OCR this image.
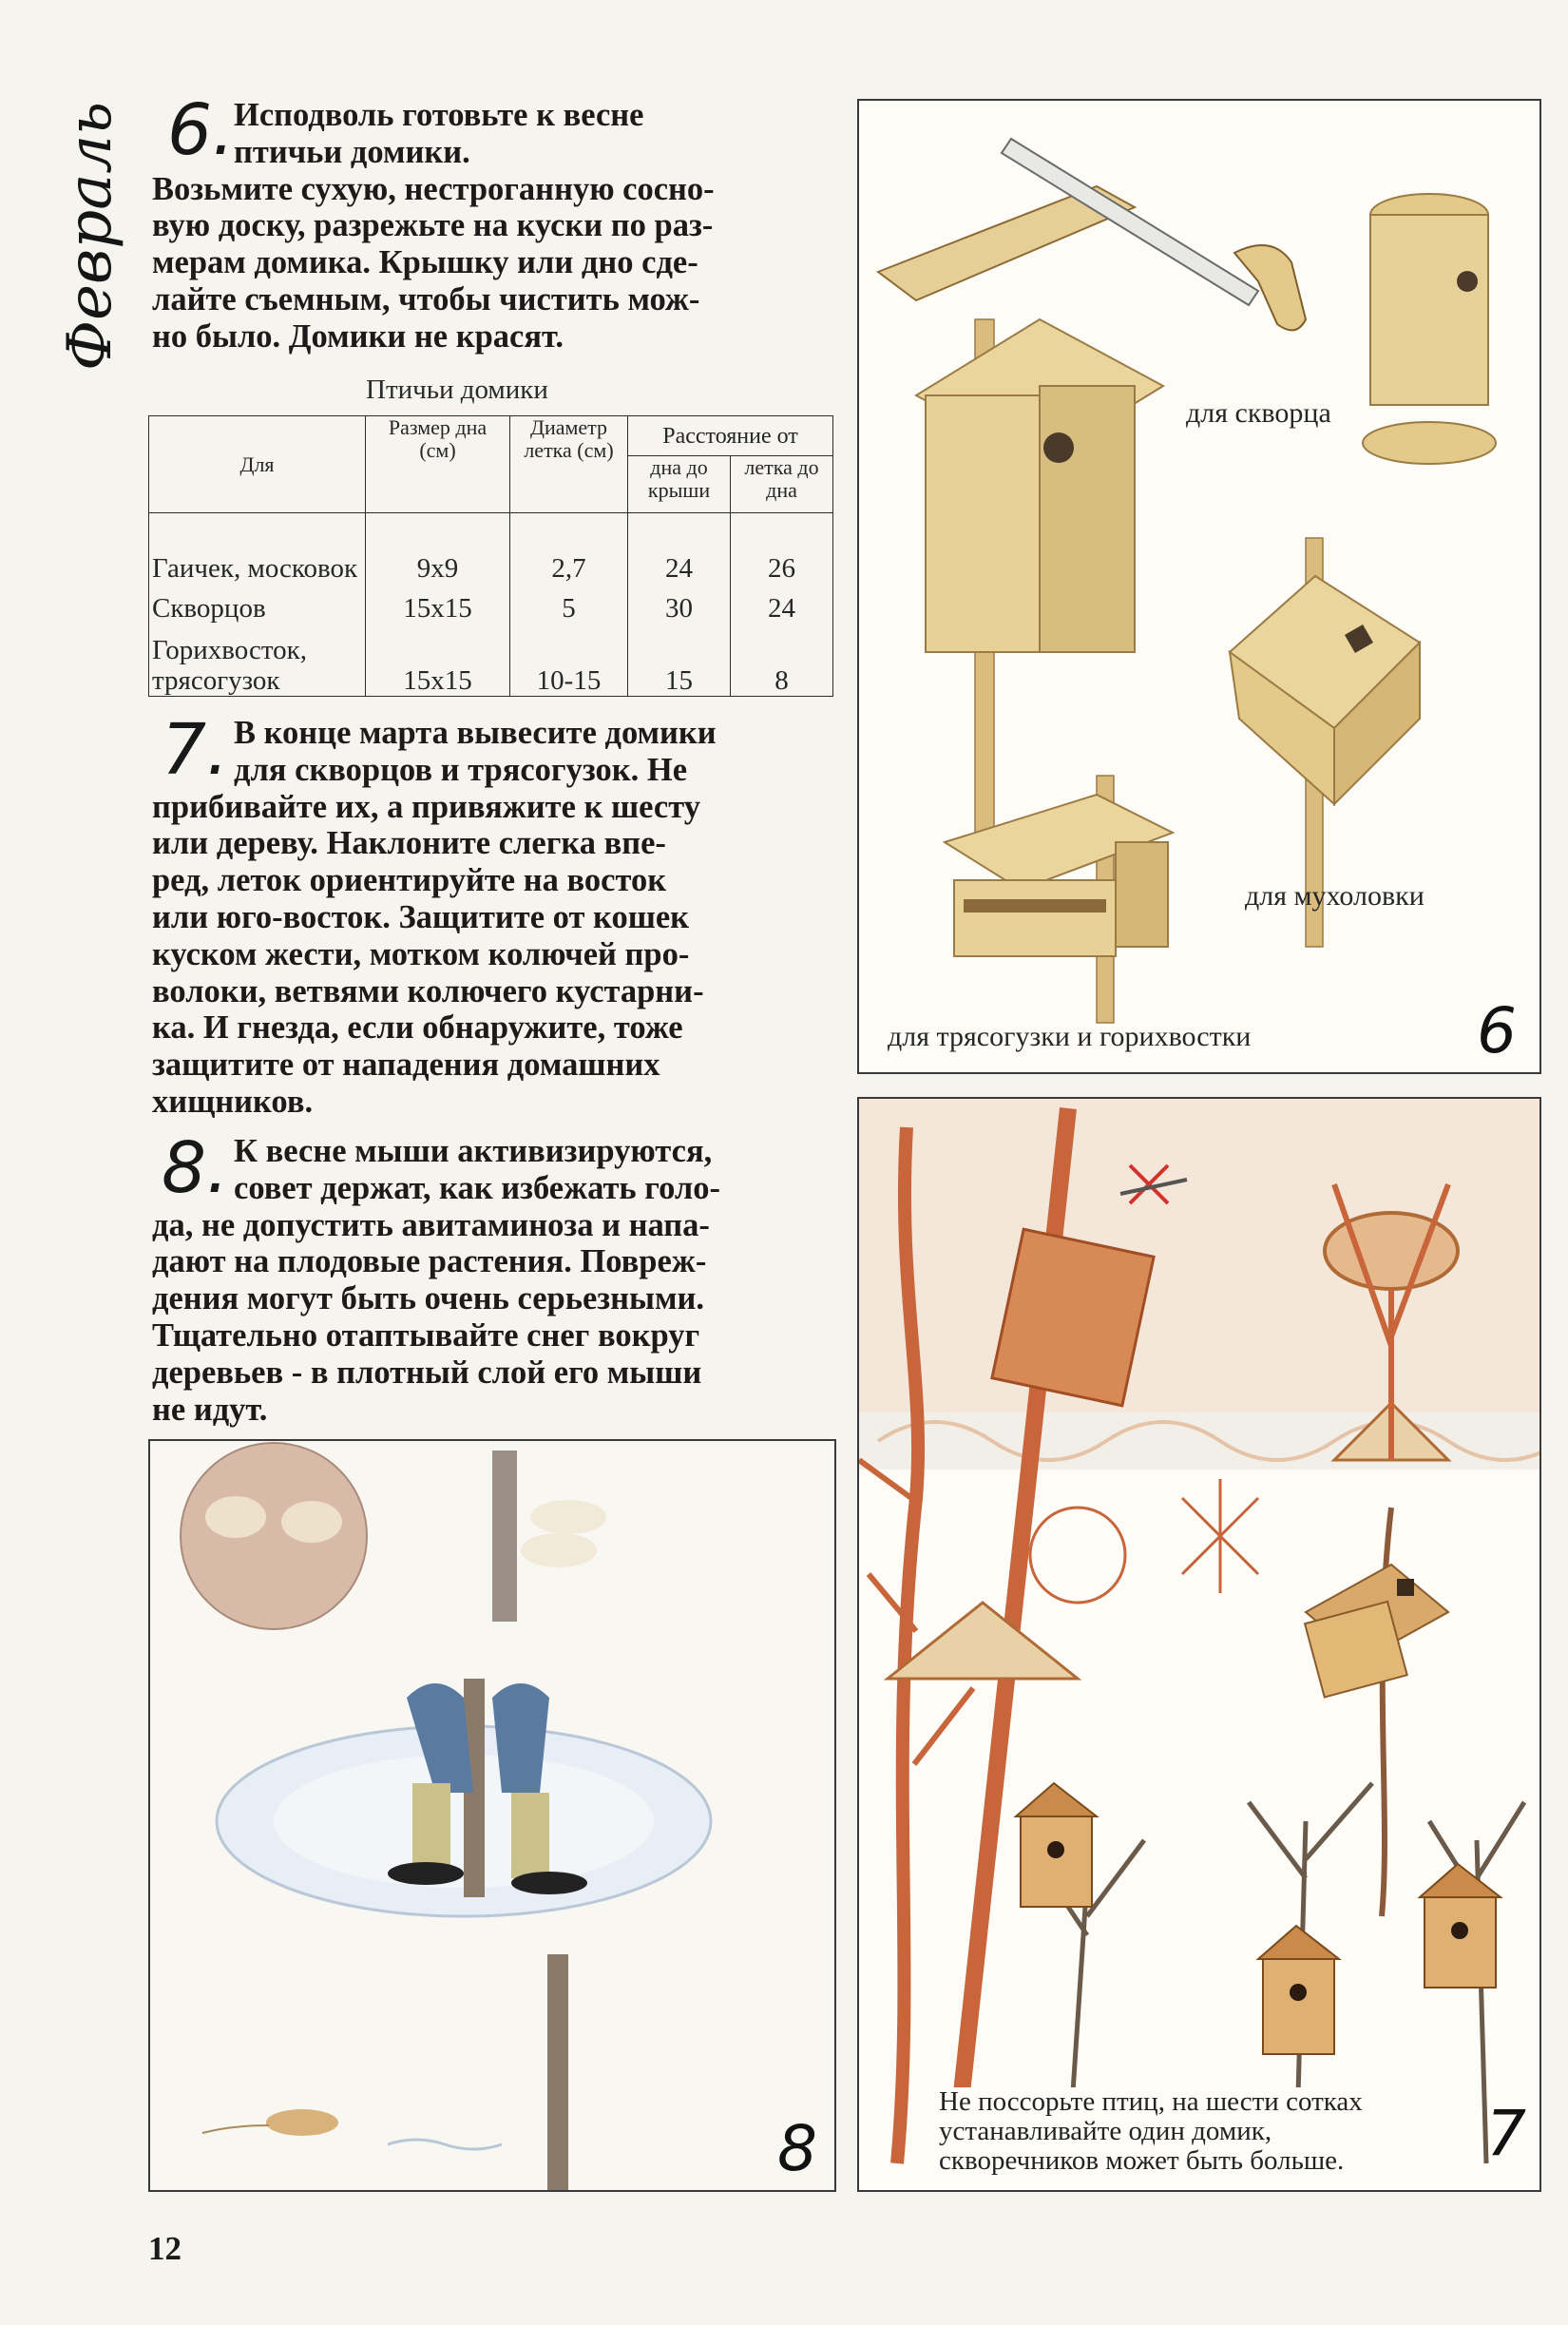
Февраль 6. Исподволь готовьте к весне
птичьи домики.
Возьмите сухую, нестроганную сосно-
вую доску, разрежьте на куски по раз-
мерам домика. Крышку или дно сде-
лайте съемным, чтобы чистить мож-
но было. Домики не красят.
Птичьи домики
Для	Размер дна (см)	Диаметр летка (см)	Расстояние от	
			дна до крыши	летка до дна
Гаичек, московок	9x9	2,7	24	26
Скворцов	15x15	5	30	24
Горихвосток, трясогузок	15x15	10-15	15	8
7. В конце марта вывесите домики
для скворцов и трясогузок. Не
прибивайте их, а привяжите к шесту
или дереву. Наклоните слегка впе-
ред, леток ориентируйте на восток
или юго-восток. Защитите от кошек
куском жести, мотком колючей про-
волоки, ветвями колючего кустарни-
ка. И гнезда, если обнаружите, тоже
защитите от нападения домашних
хищников.
8. К весне мыши активизируются,
совет держат, как избежать голо-
да, не допустить авитаминоза и напа-
дают на плодовые растения. Повреж-
дения могут быть очень серьезными.
Тщательно отаптывайте снег вокруг
деревьев - в плотный слой его мыши
не идут.
для скворца
для мухоловки
для трясогузки и горихвостки	6
Не поссорьте птиц, на шести сотках
устанавливайте один домик,
скворечников может быть больше.	7
8
12
